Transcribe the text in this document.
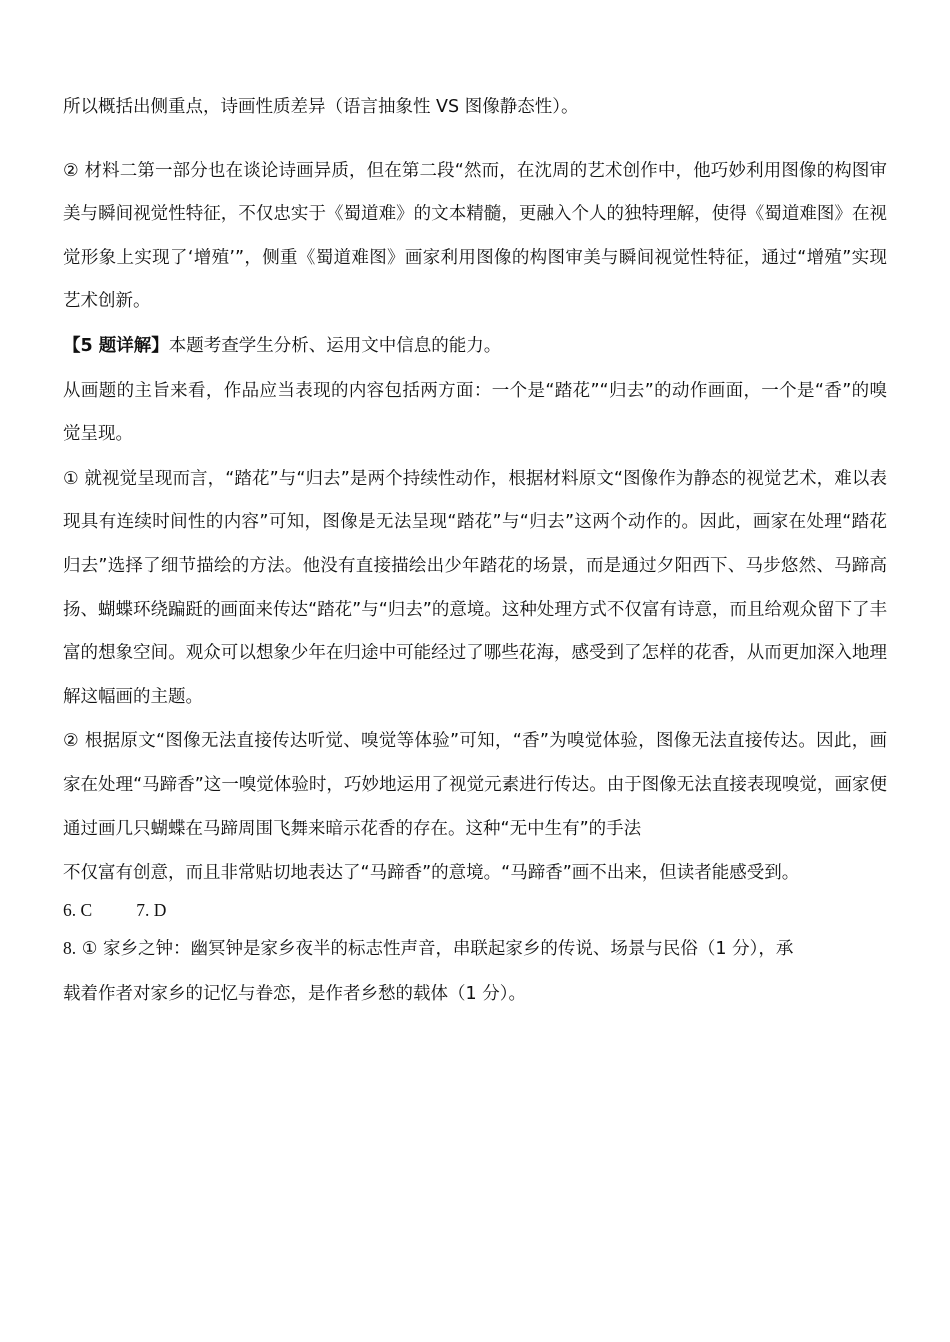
所以概括出侧重点，诗画性质差异（语言抽象性 VS 图像静态性）。

② 材料二第一部分也在谈论诗画异质，但在第二段“然而，在沈周的艺术创作中，他巧妙利用图像的构图审美与瞬间视觉性特征，不仅忠实于《蜀道难》的文本精髓，更融入个人的独特理解，使得《蜀道难图》在视觉形象上实现了‘增殖’”，侧重《蜀道难图》画家利用图像的构图审美与瞬间视觉性特征，通过“增殖”实现艺术创新。

【5 题详解】本题考查学生分析、运用文中信息的能力。

从画题的主旨来看，作品应当表现的内容包括两方面：一个是“踏花”“归去”的动作画面，一个是“香”的嗅觉呈现。

① 就视觉呈现而言，“踏花”与“归去”是两个持续性动作，根据材料原文“图像作为静态的视觉艺术，难以表现具有连续时间性的内容”可知，图像是无法呈现“踏花”与“归去”这两个动作的。因此，画家在处理“踏花归去”选择了细节描绘的方法。他没有直接描绘出少年踏花的场景，而是通过夕阳西下、马步悠然、马蹄高扬、蝴蝶环绕蹁跹的画面来传达“踏花”与“归去”的意境。这种处理方式不仅富有诗意，而且给观众留下了丰富的想象空间。观众可以想象少年在归途中可能经过了哪些花海，感受到了怎样的花香，从而更加深入地理解这幅画的主题。

② 根据原文“图像无法直接传达听觉、嗅觉等体验”可知，“香”为嗅觉体验，图像无法直接传达。因此，画家在处理“马蹄香”这一嗅觉体验时，巧妙地运用了视觉元素进行传达。由于图像无法直接表现嗅觉，画家便通过画几只蝴蝶在马蹄周围飞舞来暗示花香的存在。这种“无中生有”的手法

不仅富有创意，而且非常贴切地表达了“马蹄香”的意境。“马蹄香”画不出来，但读者能感受到。

6. C	7. D

8. ① 家乡之钟：幽冥钟是家乡夜半的标志性声音，串联起家乡的传说、场景与民俗（1 分），承

载着作者对家乡的记忆与眷恋，是作者乡愁的载体（1 分）。
